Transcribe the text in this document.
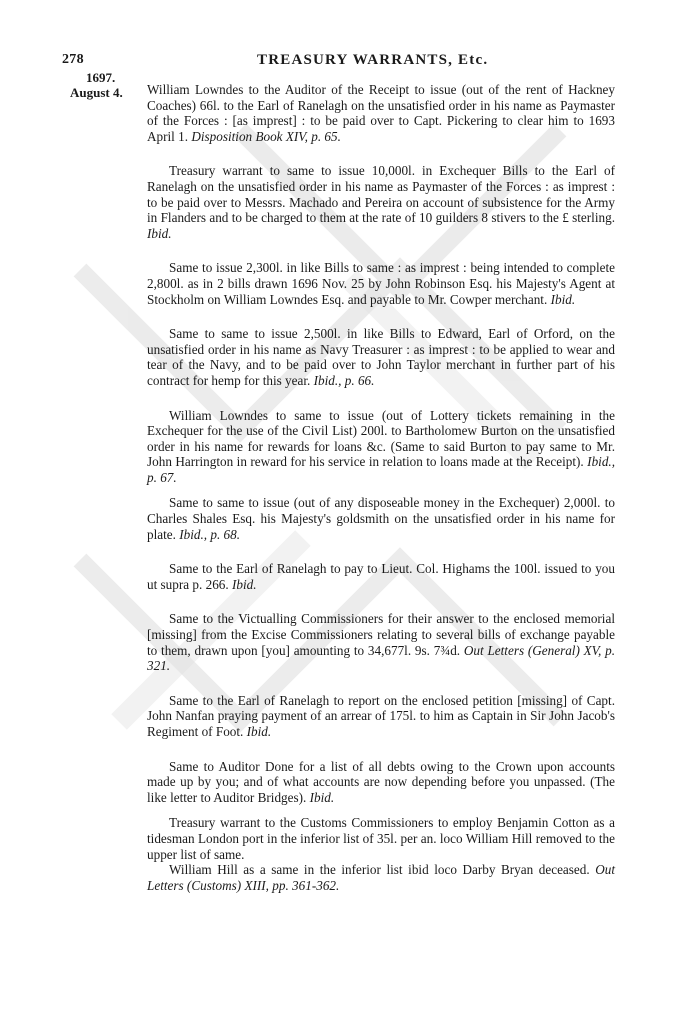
278	TREASURY WARRANTS, Etc.
1697.
August 4. William Lowndes to the Auditor of the Receipt to issue (out of the rent of Hackney Coaches) 66l. to the Earl of Ranelagh on the unsatisfied order in his name as Paymaster of the Forces : [as imprest] : to be paid over to Capt. Pickering to clear him to 1693 April 1. Disposition Book XIV, p. 65.

Treasury warrant to same to issue 10,000l. in Exchequer Bills to the Earl of Ranelagh on the unsatisfied order in his name as Paymaster of the Forces : as imprest : to be paid over to Messrs. Machado and Pereira on account of subsistence for the Army in Flanders and to be charged to them at the rate of 10 guilders 8 stivers to the £ sterling. Ibid.

Same to issue 2,300l. in like Bills to same : as imprest : being intended to complete 2,800l. as in 2 bills drawn 1696 Nov. 25 by John Robinson Esq. his Majesty's Agent at Stockholm on William Lowndes Esq. and payable to Mr. Cowper merchant. Ibid.

Same to same to issue 2,500l. in like Bills to Edward, Earl of Orford, on the unsatisfied order in his name as Navy Treasurer : as imprest : to be applied to wear and tear of the Navy, and to be paid over to John Taylor merchant in further part of his contract for hemp for this year. Ibid., p. 66.

William Lowndes to same to issue (out of Lottery tickets remaining in the Exchequer for the use of the Civil List) 200l. to Bartholomew Burton on the unsatisfied order in his name for rewards for loans &c. (Same to said Burton to pay same to Mr. John Harrington in reward for his service in relation to loans made at the Receipt). Ibid., p. 67.

Same to same to issue (out of any disposeable money in the Exchequer) 2,000l. to Charles Shales Esq. his Majesty's goldsmith on the unsatisfied order in his name for plate. Ibid., p. 68.

Same to the Earl of Ranelagh to pay to Lieut. Col. Highams the 100l. issued to you ut supra p. 266. Ibid.

Same to the Victualling Commissioners for their answer to the enclosed memorial [missing] from the Excise Commissioners relating to several bills of exchange payable to them, drawn upon [you] amounting to 34,677l. 9s. 7¾d. Out Letters (General) XV, p. 321.

Same to the Earl of Ranelagh to report on the enclosed petition [missing] of Capt. John Nanfan praying payment of an arrear of 175l. to him as Captain in Sir John Jacob's Regiment of Foot. Ibid.

Same to Auditor Done for a list of all debts owing to the Crown upon accounts made up by you; and of what accounts are now depending before you unpassed. (The like letter to Auditor Bridges). Ibid.

Treasury warrant to the Customs Commissioners to employ Benjamin Cotton as a tidesman London port in the inferior list of 35l. per an. loco William Hill removed to the upper list of same.

William Hill as a same in the inferior list ibid loco Darby Bryan deceased. Out Letters (Customs) XIII, pp. 361-362.
